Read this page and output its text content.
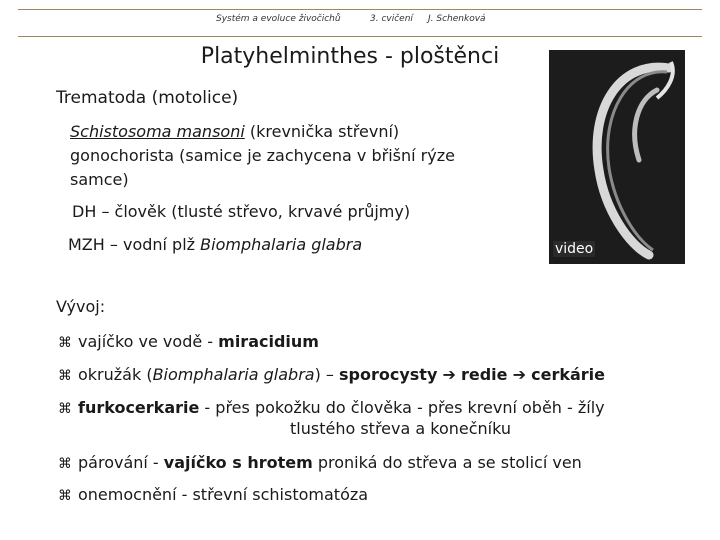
Systém a evoluce živočichů	3. cvičení J. Schenková
Platyhelminthes - ploštěnci
Trematoda (motolice)
Schistosoma mansoni (krevnička střevní)
gonochorista (samice je zachycena v břišní rýze
samce)
DH – člověk (tlusté střevo, krvavé průjmy)
MZH – vodní plž Biomphalaria glabra	video
Vývoj:
⌘ vajíčko ve vodě - miracidium
⌘ okružák (Biomphalaria glabra) – sporocysty ➔ redie ➔ cerkárie
⌘ furkocerkarie - přes pokožku do člověka - přes krevní oběh - žíly
tlustého střeva a konečníku
⌘ párování - vajíčko s hrotem proniká do střeva a se stolicí ven
⌘ onemocnění - střevní schistomatóza
